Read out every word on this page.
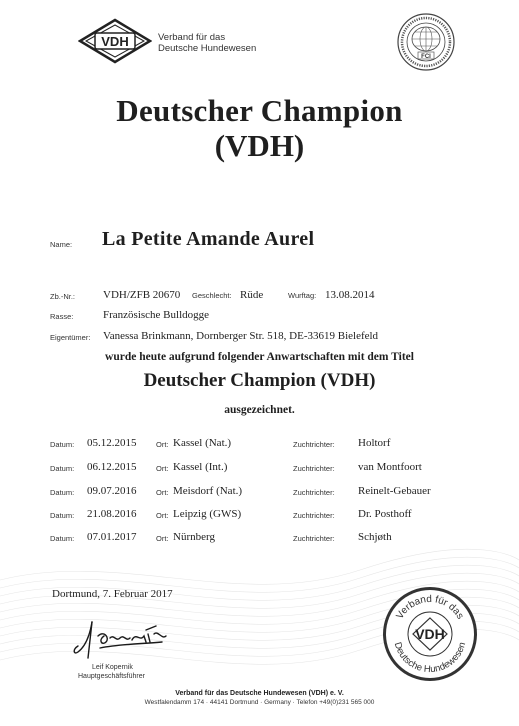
VDH	Verband für das
Deutsche Hundewesen
FCI
Deutscher Champion
(VDH)
Name: La Petite Amande Aurel
Zb.-Nr.:	VDH/ZFB 20670 Geschlecht: Rüde	Wurftag: 13.08.2014
Rasse:	Französische Bulldogge
Eigentümer: Vanessa Brinkmann, Dornberger Str. 518, DE-33619 Bielefeld
wurde heute aufgrund folgender Anwartschaften mit dem Titel
Deutscher Champion (VDH)
ausgezeichnet.
Datum: 05.12.2015	Ort: Kassel (Nat.)	Zuchtrichter: Holtorf
Datum: 06.12.2015	Ort: Kassel (Int.)	Zuchtrichter: van Montfoort
Datum: 09.07.2016	Ort: Meisdorf (Nat.)	Zuchtrichter: Reinelt-Gebauer
Datum: 21.08.2016	Ort: Leipzig (GWS)	Zuchtrichter: Dr. Posthoff
Datum: 07.01.2017	Ort: Nürnberg	Zuchtrichter: Schjøth
Dortmund, 7. Februar 2017
Leif Kopernik
Hauptgeschäftsführer
Verband für das
Deutsche Hundewesen
VDH
Verband für das Deutsche Hundewesen (VDH) e. V.
Westfalendamm 174 · 44141 Dortmund · Germany · Telefon +49(0)231 565 000
